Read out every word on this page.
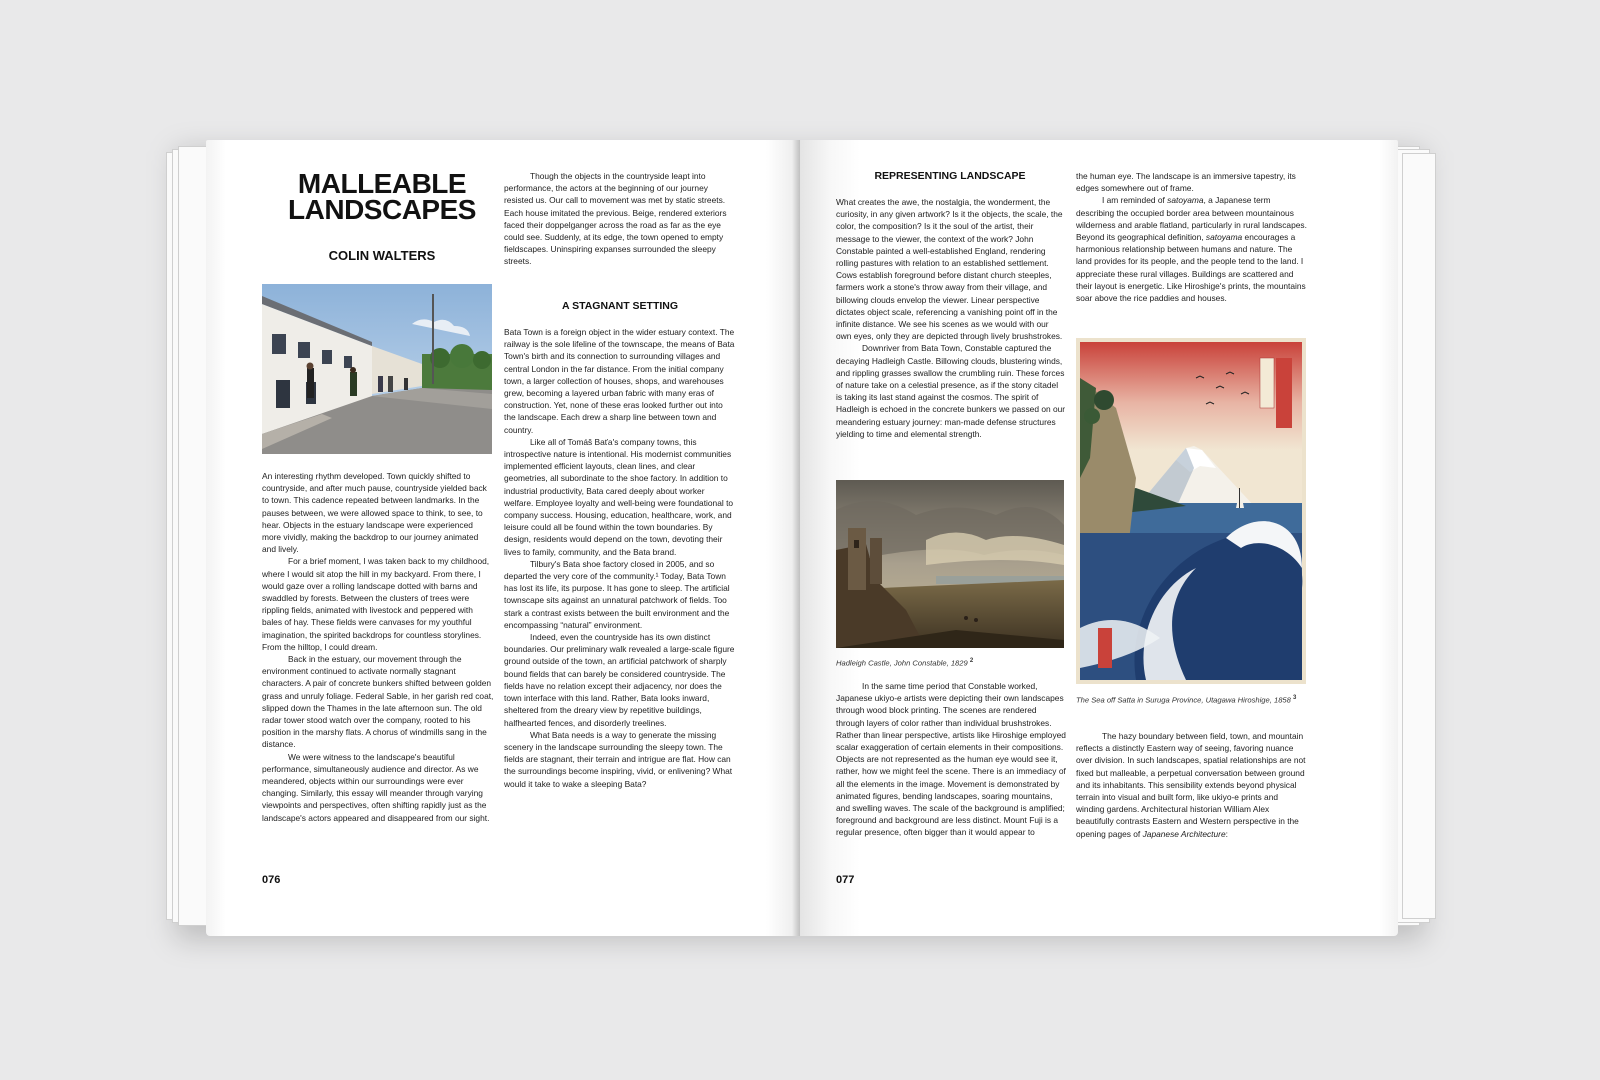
MALLEABLE
LANDSCAPES
COLIN WALTERS

An interesting rhythm developed. Town quickly shifted to countryside, and after much pause, countryside yielded back to town. This cadence repeated between landmarks. In the pauses between, we were allowed space to think, to see, to hear. Objects in the estuary landscape were experienced more vividly, making the backdrop to our journey animated and lively.

For a brief moment, I was taken back to my childhood, where I would sit atop the hill in my backyard. From there, I would gaze over a rolling landscape dotted with barns and swaddled by forests. Between the clusters of trees were rippling fields, animated with livestock and peppered with bales of hay. These fields were canvases for my youthful imagination, the spirited backdrops for countless storylines. From the hilltop, I could dream.

Back in the estuary, our movement through the environment continued to activate normally stagnant characters. A pair of concrete bunkers shifted between golden grass and unruly foliage. Federal Sable, in her garish red coat, slipped down the Thames in the late afternoon sun. The old radar tower stood watch over the company, rooted to his position in the marshy flats. A chorus of windmills sang in the distance.

We were witness to the landscape's beautiful performance, simultaneously audience and director. As we meandered, objects within our surroundings were ever changing. Similarly, this essay will meander through varying viewpoints and perspectives, often shifting rapidly just as the landscape's actors appeared and disappeared from our sight.

Though the objects in the countryside leapt into performance, the actors at the beginning of our journey resisted us. Our call to movement was met by static streets. Each house imitated the previous. Beige, rendered exteriors faced their doppelganger across the road as far as the eye could see. Suddenly, at its edge, the town opened to empty fieldscapes. Uninspiring expanses surrounded the sleepy streets.

A STAGNANT SETTING

Bata Town is a foreign object in the wider estuary context. The railway is the sole lifeline of the townscape, the means of Bata Town's birth and its connection to surrounding villages and central London in the far distance. From the initial company town, a larger collection of houses, shops, and warehouses grew, becoming a layered urban fabric with many eras of construction. Yet, none of these eras looked further out into the landscape. Each drew a sharp line between town and country.

Like all of Tomáš Baťa's company towns, this introspective nature is intentional. His modernist communities implemented efficient layouts, clean lines, and clear geometries, all subordinate to the shoe factory. In addition to industrial productivity, Bata cared deeply about worker welfare. Employee loyalty and well-being were foundational to company success. Housing, education, healthcare, work, and leisure could all be found within the town boundaries. By design, residents would depend on the town, devoting their lives to family, community, and the Bata brand.

Tilbury's Bata shoe factory closed in 2005, and so departed the very core of the community.¹ Today, Bata Town has lost its life, its purpose. It has gone to sleep. The artificial townscape sits against an unnatural patchwork of fields. Too stark a contrast exists between the built environment and the encompassing “natural” environment.

Indeed, even the countryside has its own distinct boundaries. Our preliminary walk revealed a large-scale figure ground outside of the town, an artificial patchwork of sharply bound fields that can barely be considered countryside. The fields have no relation except their adjacency, nor does the town interface with this land. Rather, Bata looks inward, sheltered from the dreary view by repetitive buildings, halfhearted fences, and disorderly treelines.

What Bata needs is a way to generate the missing scenery in the landscape surrounding the sleepy town. The fields are stagnant, their terrain and intrigue are flat. How can the surroundings become inspiring, vivid, or enlivening? What would it take to wake a sleeping Bata?

076
REPRESENTING LANDSCAPE

What creates the awe, the nostalgia, the wonderment, the curiosity, in any given artwork? Is it the objects, the scale, the color, the composition? Is it the soul of the artist, their message to the viewer, the context of the work? John Constable painted a well-established England, rendering rolling pastures with relation to an established settlement. Cows establish foreground before distant church steeples, farmers work a stone's throw away from their village, and billowing clouds envelop the viewer. Linear perspective dictates object scale, referencing a vanishing point off in the infinite distance. We see his scenes as we would with our own eyes, only they are depicted through lively brushstrokes.

Downriver from Bata Town, Constable captured the decaying Hadleigh Castle. Billowing clouds, blustering winds, and rippling grasses swallow the crumbling ruin. These forces of nature take on a celestial presence, as if the stony citadel is taking its last stand against the cosmos. The spirit of Hadleigh is echoed in the concrete bunkers we passed on our meandering estuary journey: man-made defense structures yielding to time and elemental strength.

Hadleigh Castle, John Constable, 1829 $^2$

In the same time period that Constable worked, Japanese ukiyo-e artists were depicting their own landscapes through wood block printing. The scenes are rendered through layers of color rather than individual brushstrokes. Rather than linear perspective, artists like Hiroshige employed scalar exaggeration of certain elements in their compositions. Objects are not represented as the human eye would see it, rather, how we might feel the scene. There is an immediacy of all the elements in the image. Movement is demonstrated by animated figures, bending landscapes, soaring mountains, and swelling waves. The scale of the background is amplified; foreground and background are less distinct. Mount Fuji is a regular presence, often bigger than it would appear to

the human eye. The landscape is an immersive tapestry, its edges somewhere out of frame.

I am reminded of satoyama, a Japanese term describing the occupied border area between mountainous wilderness and arable flatland, particularly in rural landscapes. Beyond its geographical definition, satoyama encourages a harmonious relationship between humans and nature. The land provides for its people, and the people tend to the land. I appreciate these rural villages. Buildings are scattered and their layout is energetic. Like Hiroshige's prints, the mountains soar above the rice paddies and houses.

The Sea off Satta in Suruga Province, Utagawa Hiroshige, 1858 $^3$

The hazy boundary between field, town, and mountain reflects a distinctly Eastern way of seeing, favoring nuance over division. In such landscapes, spatial relationships are not fixed but malleable, a perpetual conversation between ground and its inhabitants. This sensibility extends beyond physical terrain into visual and built form, like ukiyo-e prints and winding gardens. Architectural historian William Alex beautifully contrasts Eastern and Western perspective in the opening pages of Japanese Architecture:

077
